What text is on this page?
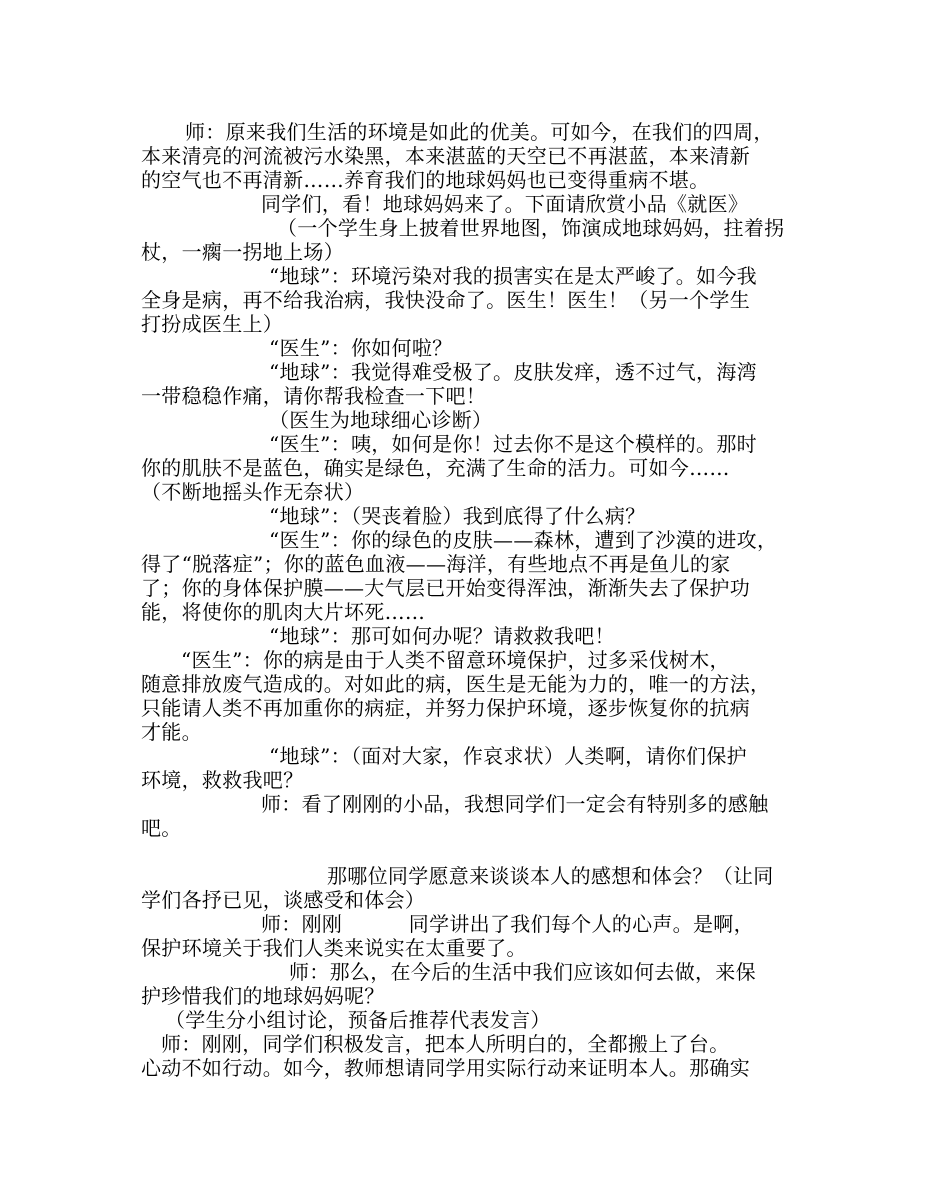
师：原来我们生活的环境是如此的优美。可如今，在我们的四周，
本来清亮的河流被污水染黑，本来湛蓝的天空已不再湛蓝，本来清新
的空气也不再清新……养育我们的地球妈妈也已变得重病不堪。
同学们，看！地球妈妈来了。下面请欣赏小品《就医》
（一个学生身上披着世界地图，饰演成地球妈妈，拄着拐
杖，一瘸一拐地上场）
“地球”：环境污染对我的损害实在是太严峻了。如今我
全身是病，再不给我治病，我快没命了。医生！医生！（另一个学生
打扮成医生上）
“医生”：你如何啦？
“地球”：我觉得难受极了。皮肤发痒，透不过气，海湾
一带稳稳作痛，请你帮我检查一下吧！
（医生为地球细心诊断）
“医生”：咦，如何是你！过去你不是这个模样的。那时
你的肌肤不是蓝色，确实是绿色，充满了生命的活力。可如今……
（不断地摇头作无奈状）
“地球”：（哭丧着脸）我到底得了什么病？
“医生”：你的绿色的皮肤——森林，遭到了沙漠的进攻，
得了“脱落症”；你的蓝色血液——海洋，有些地点不再是鱼儿的家
了；你的身体保护膜——大气层已开始变得浑浊，渐渐失去了保护功
能，将使你的肌肉大片坏死……
“地球”：那可如何办呢？请救救我吧！
“医生”：你的病是由于人类不留意环境保护，过多采伐树木，
随意排放废气造成的。对如此的病，医生是无能为力的，唯一的方法，
只能请人类不再加重你的病症，并努力保护环境，逐步恢复你的抗病
才能。
“地球”：（面对大家，作哀求状）人类啊，请你们保护
环境，救救我吧？
师：看了刚刚的小品，我想同学们一定会有特别多的感触
吧。
那哪位同学愿意来谈谈本人的感想和体会？（让同
学们各抒已见，谈感受和体会）
师：刚刚          同学讲出了我们每个人的心声。是啊，
保护环境关于我们人类来说实在太重要了。
师：那么，在今后的生活中我们应该如何去做，来保
护珍惜我们的地球妈妈呢？
（学生分小组讨论，预备后推荐代表发言）
师：刚刚，同学们积极发言，把本人所明白的，全都搬上了台。
心动不如行动。如今，教师想请同学用实际行动来证明本人。那确实
